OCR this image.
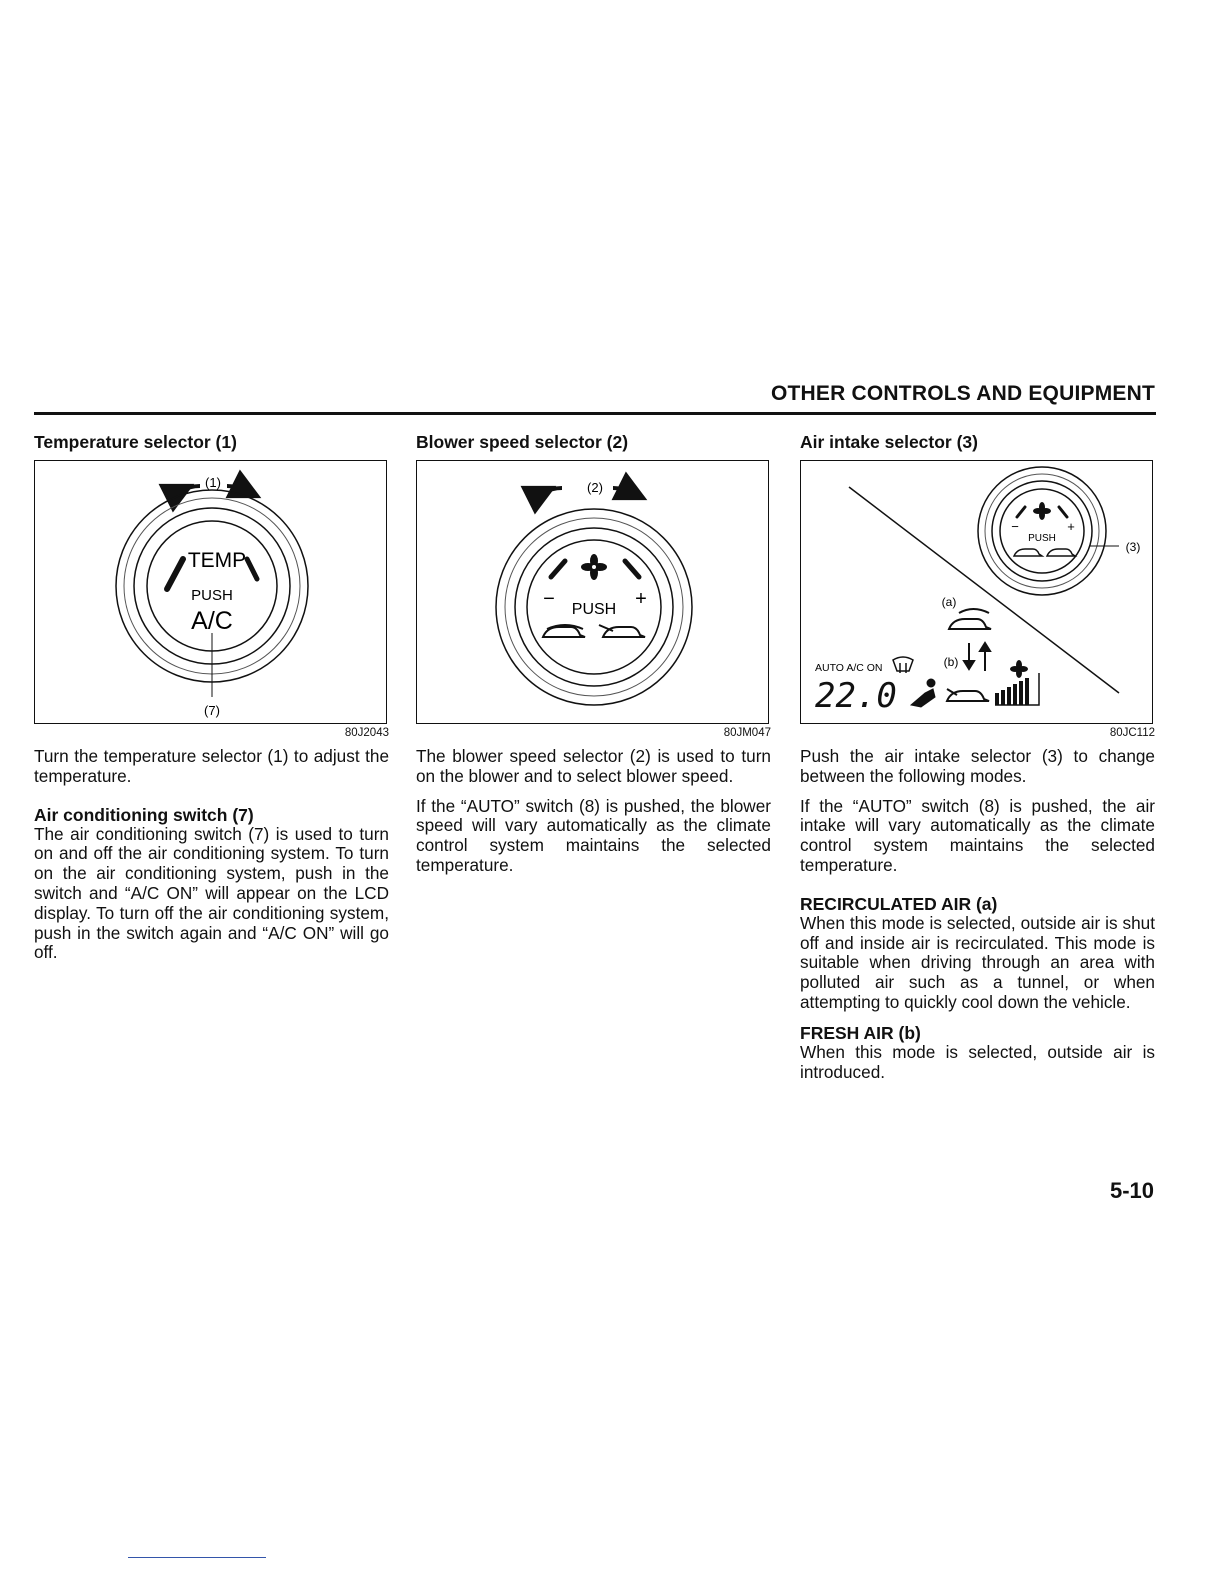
OTHER CONTROLS AND EQUIPMENT
Temperature selector (1)
(1)
TEMP
PUSH
A/C
(7)
80J2043

Turn the temperature selector (1) to adjust the temperature.

Air conditioning switch (7)

The air conditioning switch (7) is used to turn on and off the air conditioning system. To turn on the air conditioning system, push in the switch and “A/C ON” will appear on the LCD display. To turn off the air conditioning system, push in the switch again and “A/C ON” will go off.

Blower speed selector (2)
(2)
−	+
PUSH
80JM047

The blower speed selector (2) is used to turn on the blower and to select blower speed.

If the “AUTO” switch (8) is pushed, the blower speed will vary automatically as the climate control system maintains the selected temperature.

Air intake selector (3)
−	+
PUSH
(3)
(a)
(b)
AUTO A/C ON
22.0
80JC112

Push the air intake selector (3) to change between the following modes.

If the “AUTO” switch (8) is pushed, the air intake will vary automatically as the climate control system maintains the selected temperature.

RECIRCULATED AIR (a)

When this mode is selected, outside air is shut off and inside air is recirculated. This mode is suitable when driving through an area with polluted air such as a tunnel, or when attempting to quickly cool down the vehicle.

FRESH AIR (b)

When this mode is selected, outside air is introduced.

5-10
